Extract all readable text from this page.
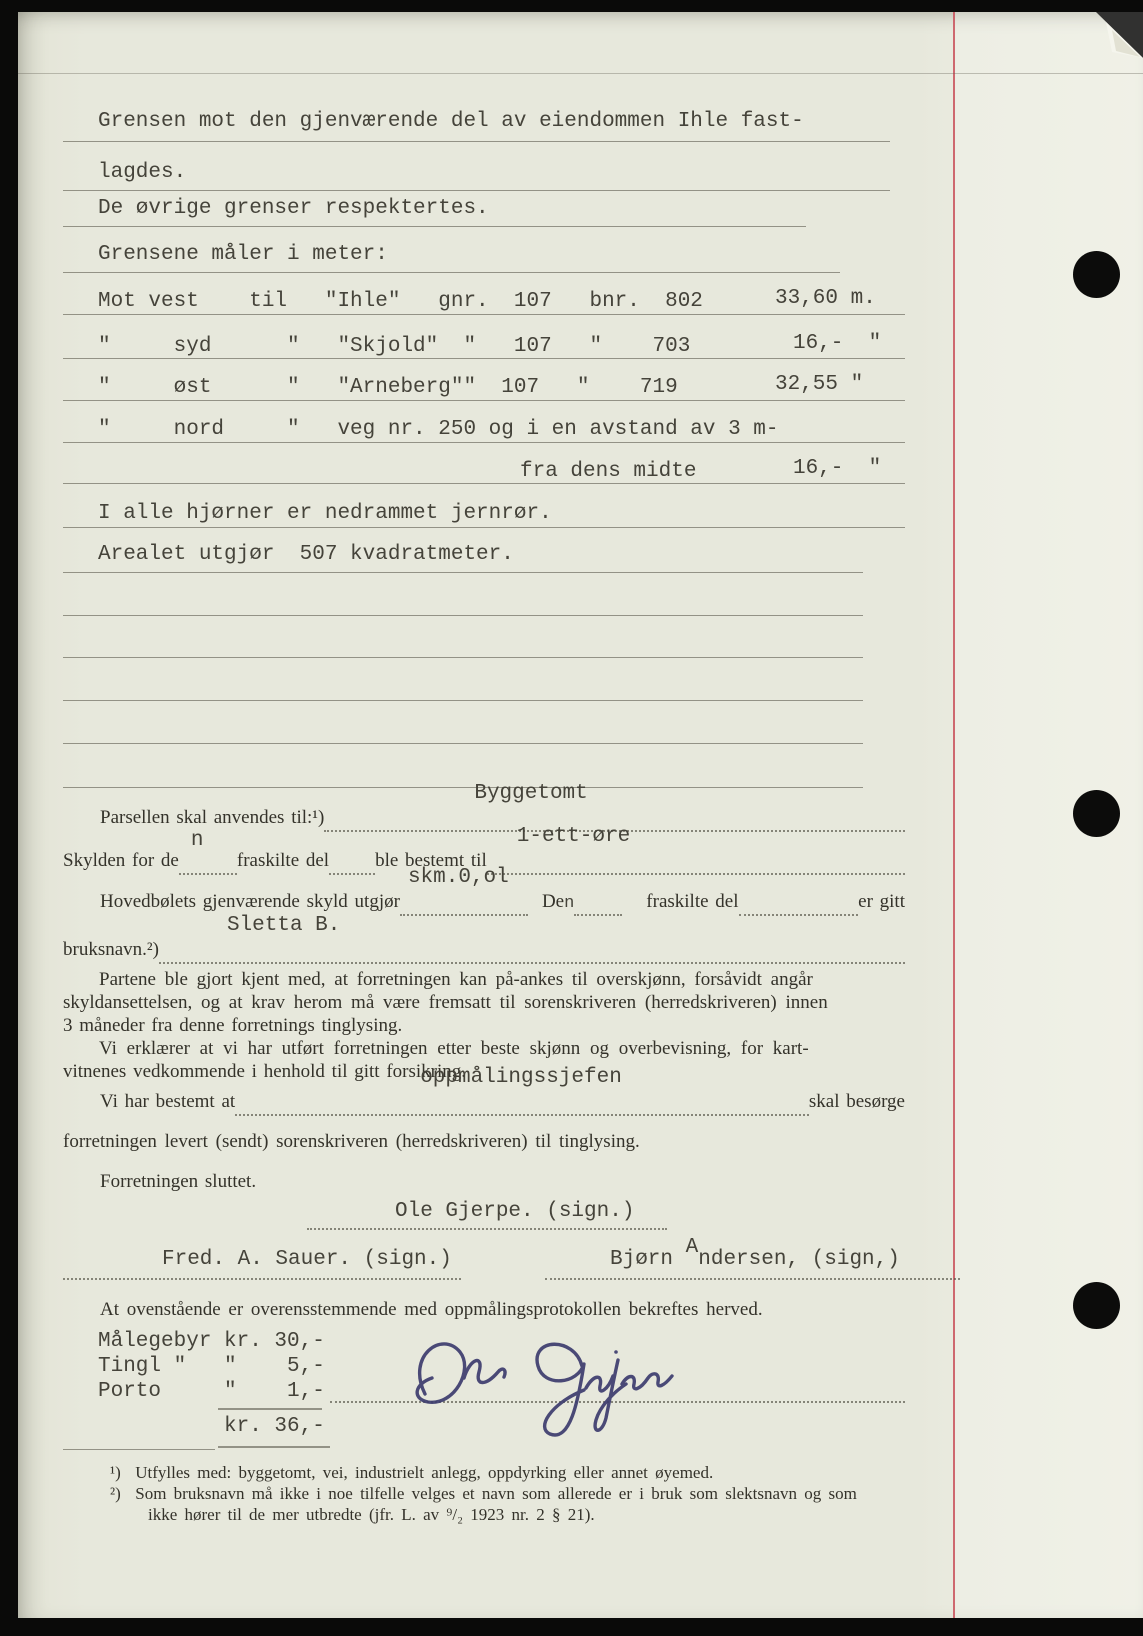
Grensen mot den gjenværende del av eiendommen Ihle fast-
lagdes.
De øvrige grenser respektertes.
Grensene måler i meter:
Mot vest    til   "Ihle"   gnr.  107   bnr.  802	33,60 m.
"     syd      "   "Skjold"  "   107   "    703	16,-  "
"     øst      "   "Arneberg""  107   "    719	32,55 "
"     nord     "   veg nr. 250 og i en avstand av 3 m-
fra dens midte	16,-  "
I alle hjørner er nedrammet jernrør.
Arealet utgjør  507 kvadratmeter.
Parsellen skal anvendes til:¹)
Byggetomt
Skylden for de
n
fraskilte del ble bestemt til
1-ett-øre
Hovedbølets gjenværende skyld utgjør
skm.0,ol
De n	fraskilte del	er gitt
bruksnavn.²)
Sletta B.
Partene ble gjort kjent med, at forretningen kan på-ankes til overskjønn, forsåvidt angår
skyldansettelsen, og at krav herom må være fremsatt til sorenskriveren (herredskriveren) innen
3 måneder fra denne forretnings tinglysing.
Vi erklærer at vi har utført forretningen etter beste skjønn og overbevisning, for kart-
vitnenes vedkommende i henhold til gitt forsikring.
Vi har bestemt at
oppmålingssjefen
skal besørge
forretningen levert (sendt) sorenskriveren (herredskriveren) til tinglysing.
Forretningen sluttet.
Ole Gjerpe. (sign.)
Fred. A. Sauer. (sign.)	Bjørn Andersen, (sign,)
At ovenstående er overensstemmende med oppmålingsprotokollen bekreftes herved.
Målegebyr kr. 30,-
Tingl "   "    5,-
Porto     "    1,-
kr. 36,-
¹)  Utfylles med: byggetomt, vei, industrielt anlegg, oppdyrking eller annet øyemed.
²)  Som bruksnavn må ikke i noe tilfelle velges et navn som allerede er i bruk som slektsnavn og som
ikke hører til de mer utbredte (jfr. L. av ⁹/₂ 1923 nr. 2 § 21).
